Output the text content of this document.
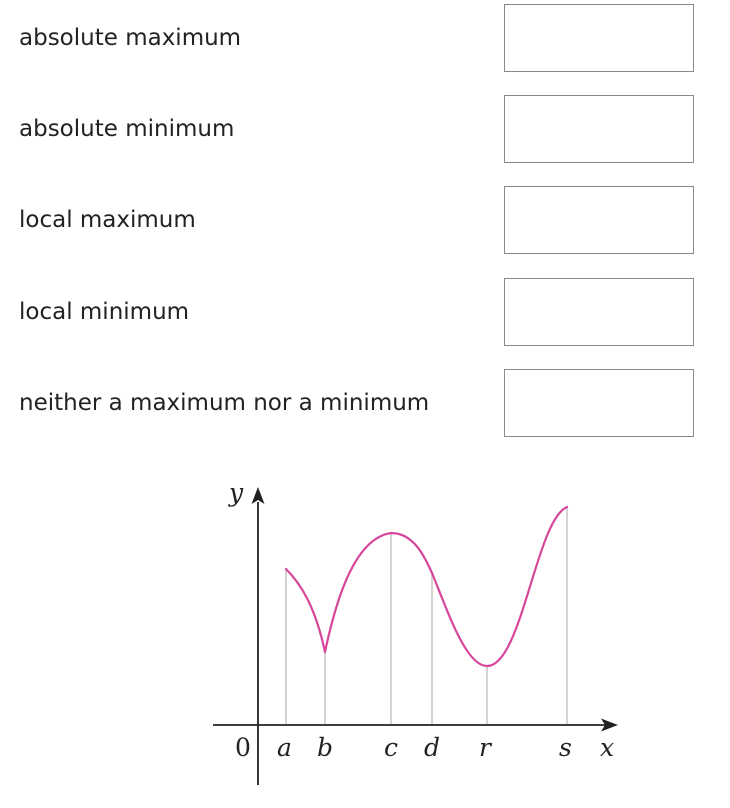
absolute maximum
absolute minimum
local maximum
local minimum
neither a maximum nor a minimum
y
x
0 a b c d r	s
